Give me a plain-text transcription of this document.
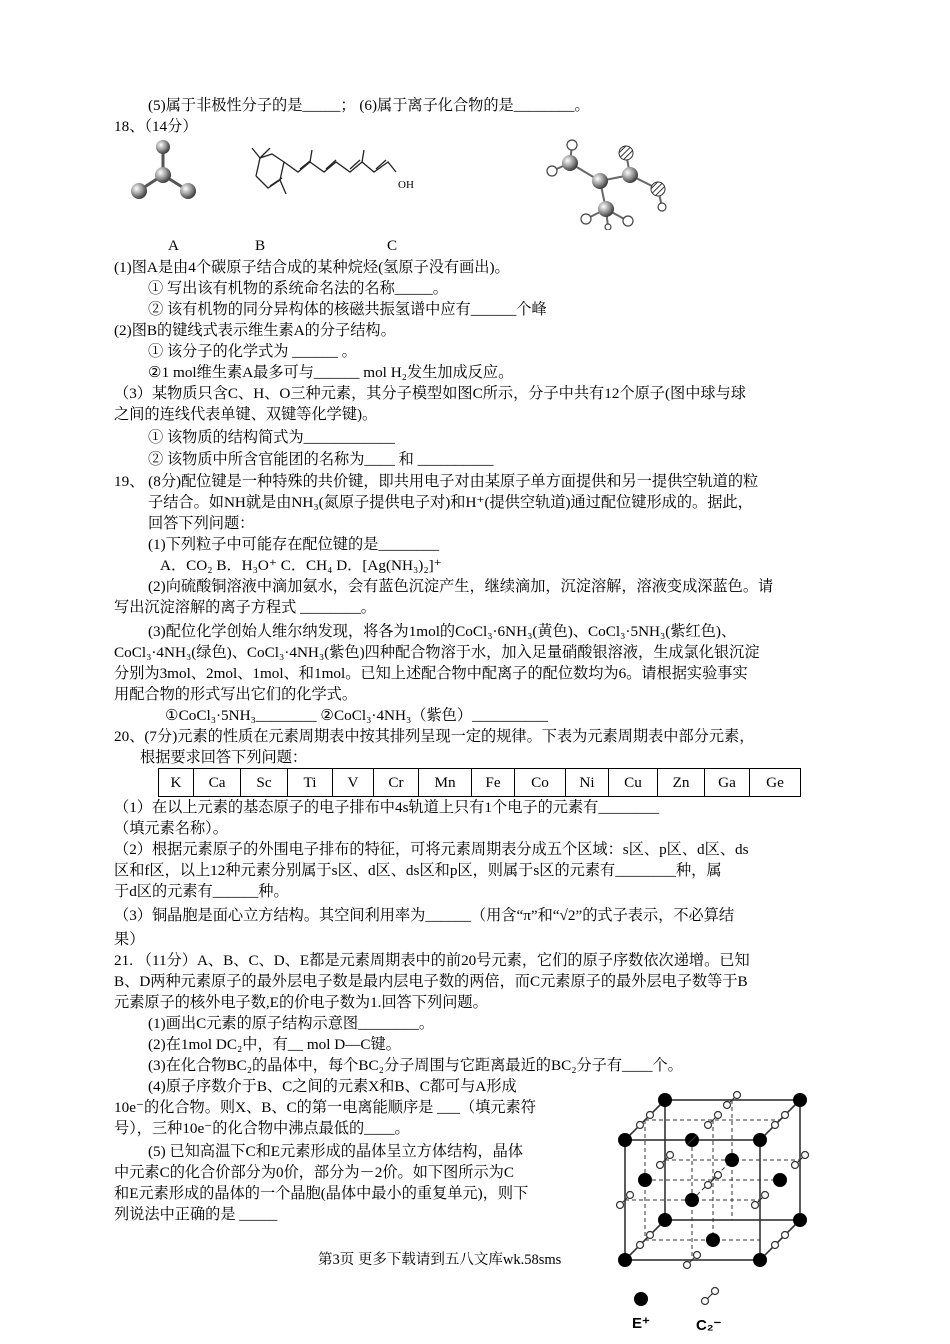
(5)属于非极性分子的是_____； (6)属于离子化合物的是________。
18、（14分）
OH
A	B	C
(1)图A是由4个碳原子结合成的某种烷烃(氢原子没有画出)。
① 写出该有机物的系统命名法的名称_____。
② 该有机物的同分异构体的核磁共振氢谱中应有______个峰
(2)图B的键线式表示维生素A的分子结构。
① 该分子的化学式为 ______ 。
②1 mol维生素A最多可与______ mol H₂发生加成反应。
（3）某物质只含C、H、O三种元素，其分子模型如图C所示，分子中共有12个原子(图中球与球
之间的连线代表单键、双键等化学键)。
① 该物质的结构简式为____________
② 该物质中所含官能团的名称为____ 和 __________
19、 (8分)配位键是一种特殊的共价键，即共用电子对由某原子单方面提供和另一提供空轨道的粒
子结合。如NH就是由NH₃(氮原子提供电子对)和H⁺(提供空轨道)通过配位键形成的。据此，
回答下列问题：
(1)下列粒子中可能存在配位键的是________
A．CO₂ B．H₃O⁺ C．CH₄ D．[Ag(NH₃)₂]⁺
(2)向硫酸铜溶液中滴加氨水，会有蓝色沉淀产生，继续滴加，沉淀溶解，溶液变成深蓝色。请
写出沉淀溶解的离子方程式 ________。
(3)配位化学创始人维尔纳发现，将各为1mol的CoCl₃·6NH₃(黄色)、CoCl₃·5NH₃(紫红色)、
CoCl₃·4NH₃(绿色)、CoCl₃·4NH₃(紫色)四种配合物溶于水，加入足量硝酸银溶液，生成氯化银沉淀
分别为3mol、2mol、1mol、和1mol。已知上述配合物中配离子的配位数均为6。请根据实验事实
用配合物的形式写出它们的化学式。
①CoCl₃·5NH₃________ ②CoCl₃·4NH₃（紫色）__________
20、(7分)元素的性质在元素周期表中按其排列呈现一定的规律。下表为元素周期表中部分元素，
根据要求回答下列问题：
K	Ca	Sc	Ti	V	Cr	Mn	Fe	Co	Ni	Cu	Zn	Ga	Ge
（1）在以上元素的基态原子的电子排布中4s轨道上只有1个电子的元素有________
（填元素名称）。
（2）根据元素原子的外围电子排布的特征，可将元素周期表分成五个区域：s区、p区、d区、ds
区和f区，以上12种元素分别属于s区、d区、ds区和p区，则属于s区的元素有________种，属
于d区的元素有______种。
（3）铜晶胞是面心立方结构。其空间利用率为______（用含“π”和“√2”的式子表示，不必算结
果）
21. （11分）A、B、C、D、E都是元素周期表中的前20号元素，它们的原子序数依次递增。已知
B、D两种元素原子的最外层电子数是最内层电子数的两倍，而C元素原子的最外层电子数等于B
元素原子的核外电子数,E的价电子数为1.回答下列问题。
(1)画出C元素的原子结构示意图________。
(2)在1mol DC₂中，有__ mol D—C键。
(3)在化合物BC₂的晶体中，每个BC₂分子周围与它距离最近的BC₂分子有____个。
(4)原子序数介于B、C之间的元素X和B、C都可与A形成
10e⁻的化合物。则X、B、C的第一电离能顺序是 ___（填元素符
号），三种10e⁻的化合物中沸点最低的____。
(5) 已知高温下C和E元素形成的晶体呈立方体结构，晶体
中元素C的化合价部分为0价，部分为－2价。如下图所示为C
和E元素形成的晶体的一个晶胞(晶体中最小的重复单元)，则下
列说法中正确的是 _____
E⁺	C₂⁻
第3页 更多下载请到五八文库wk.58sms
